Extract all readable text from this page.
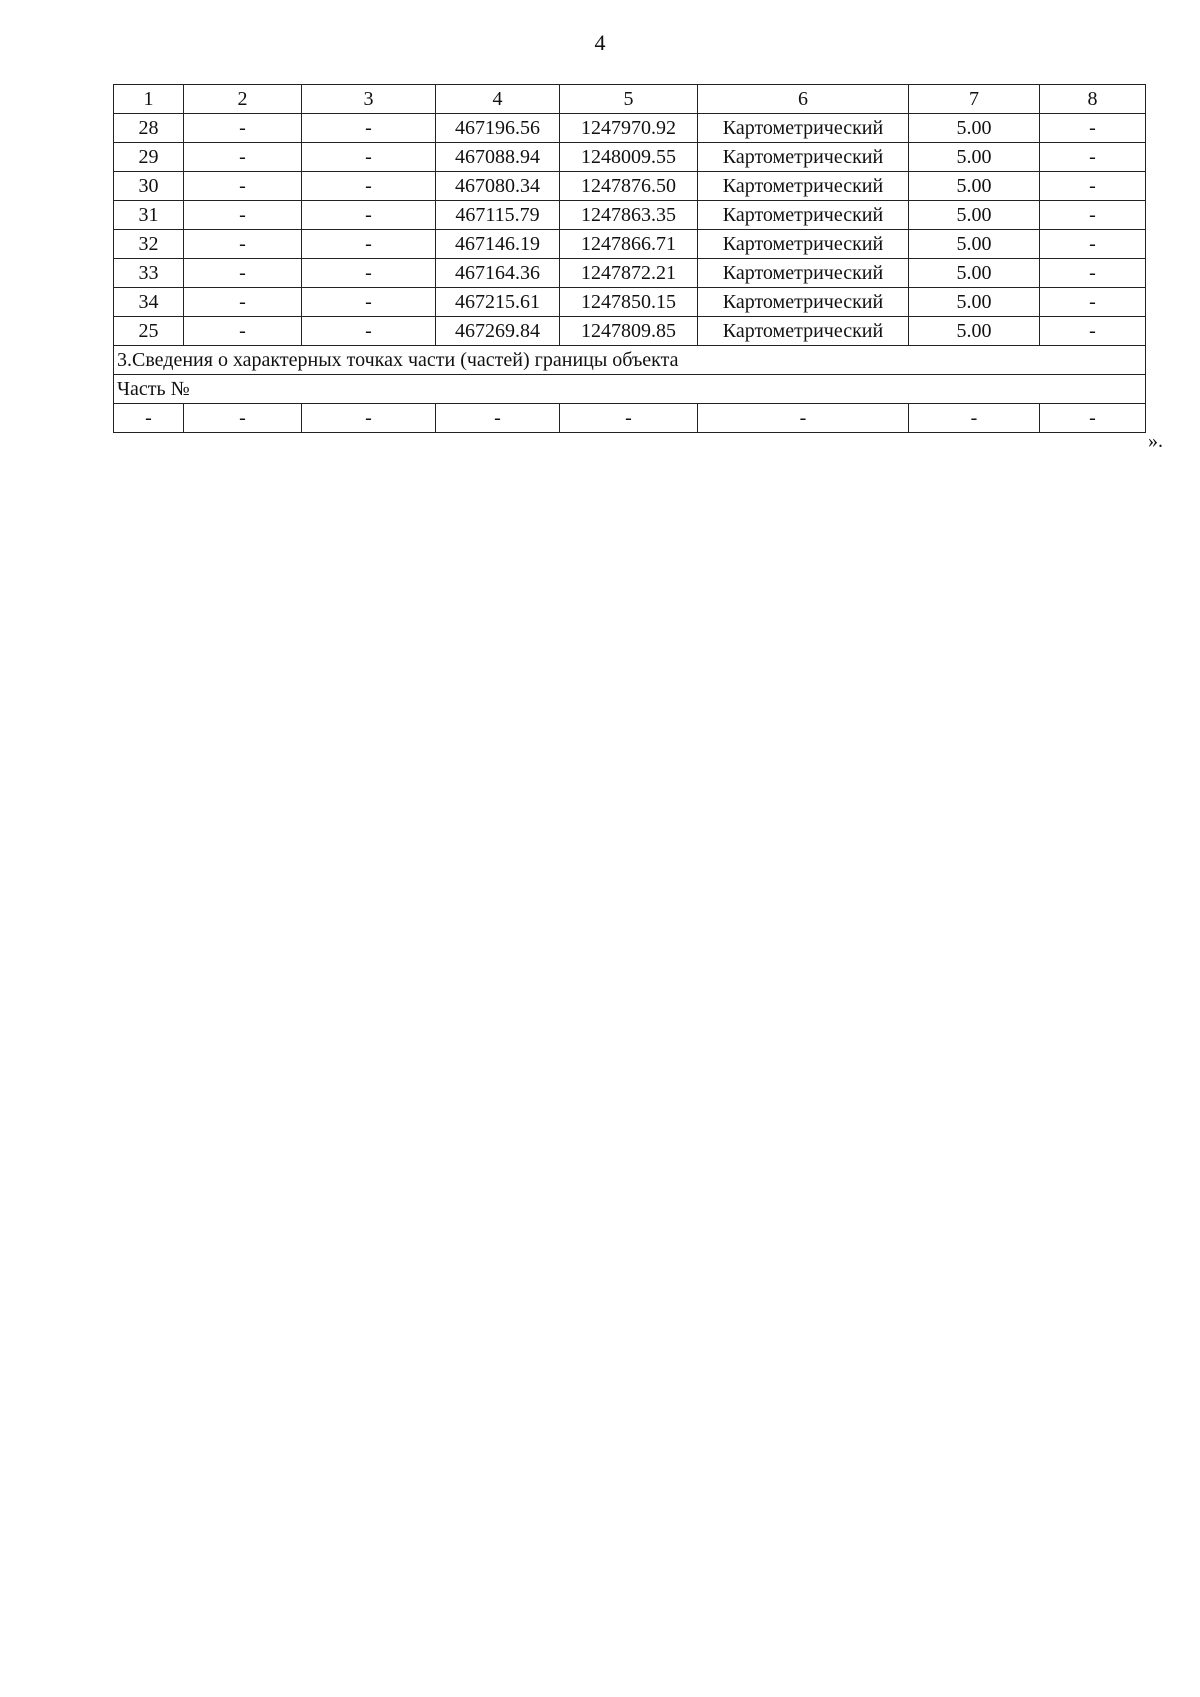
4
1	2	3	4	5	6	7	8
28	-	-	467196.56	1247970.92	Картометрический	5.00	-
29	-	-	467088.94	1248009.55	Картометрический	5.00	-
30	-	-	467080.34	1247876.50	Картометрический	5.00	-
31	-	-	467115.79	1247863.35	Картометрический	5.00	-
32	-	-	467146.19	1247866.71	Картометрический	5.00	-
33	-	-	467164.36	1247872.21	Картометрический	5.00	-
34	-	-	467215.61	1247850.15	Картометрический	5.00	-
25	-	-	467269.84	1247809.85	Картометрический	5.00	-
3.Сведения о характерных точках части (частей) границы объекта							
Часть №							
-	-	-	-	-	-	-	-
».
